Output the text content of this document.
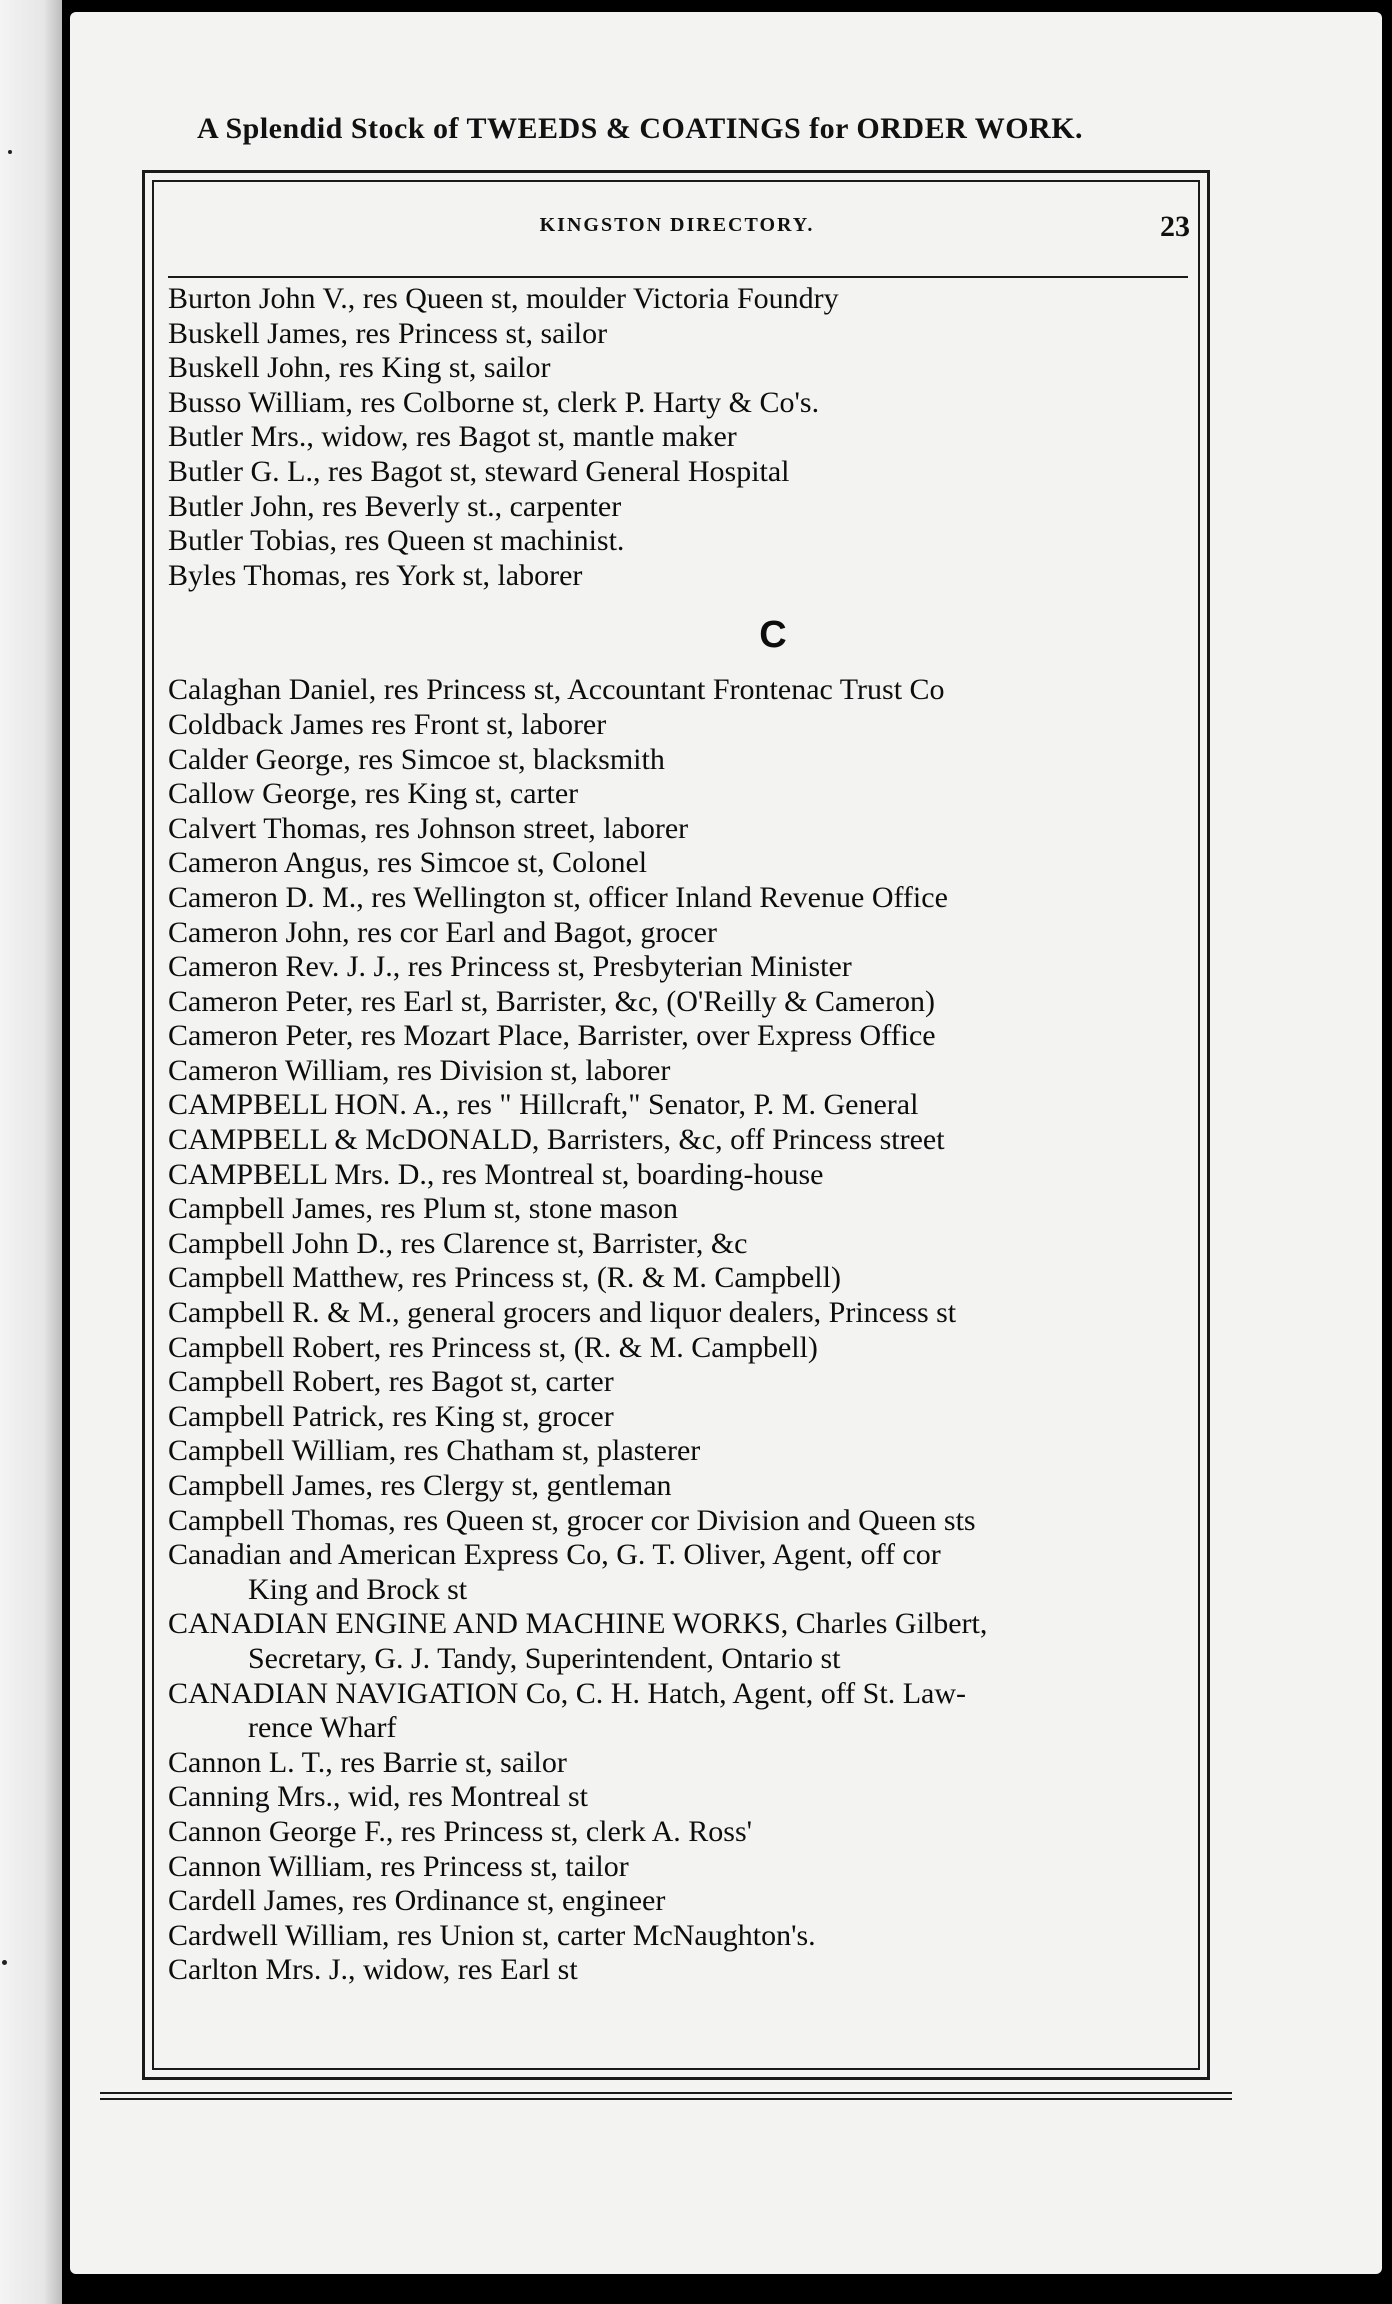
A Splendid Stock of TWEEDS & COATINGS for ORDER WORK.
KINGSTON DIRECTORY.	23
Burton John V., res Queen st, moulder Victoria Foundry
Buskell James, res Princess st, sailor
Buskell John, res King st, sailor
Busso William, res Colborne st, clerk P. Harty & Co's.
Butler Mrs., widow, res Bagot st, mantle maker
Butler G. L., res Bagot st, steward General Hospital
Butler John, res Beverly st., carpenter
Butler Tobias, res Queen st machinist.
Byles Thomas, res York st, laborer
C
Calaghan Daniel, res Princess st, Accountant Frontenac Trust Co
Coldback James res Front st, laborer
Calder George, res Simcoe st, blacksmith
Callow George, res King st, carter
Calvert Thomas, res Johnson street, laborer
Cameron Angus, res Simcoe st, Colonel
Cameron D. M., res Wellington st, officer Inland Revenue Office
Cameron John, res cor Earl and Bagot, grocer
Cameron Rev. J. J., res Princess st, Presbyterian Minister
Cameron Peter, res Earl st, Barrister, &c, (O'Reilly & Cameron)
Cameron Peter, res Mozart Place, Barrister, over Express Office
Cameron William, res Division st, laborer
CAMPBELL HON. A., res " Hillcraft," Senator, P. M. General
CAMPBELL & McDONALD, Barristers, &c, off Princess street
CAMPBELL Mrs. D., res Montreal st, boarding-house
Campbell James, res Plum st, stone mason
Campbell John D., res Clarence st, Barrister, &c
Campbell Matthew, res Princess st, (R. & M. Campbell)
Campbell R. & M., general grocers and liquor dealers, Princess st
Campbell Robert, res Princess st, (R. & M. Campbell)
Campbell Robert, res Bagot st, carter
Campbell Patrick, res King st, grocer
Campbell William, res Chatham st, plasterer
Campbell James, res Clergy st, gentleman
Campbell Thomas, res Queen st, grocer cor Division and Queen sts
Canadian and American Express Co, G. T. Oliver, Agent, off cor
King and Brock st
CANADIAN ENGINE AND MACHINE WORKS, Charles Gilbert,
Secretary, G. J. Tandy, Superintendent, Ontario st
CANADIAN NAVIGATION Co, C. H. Hatch, Agent, off St. Law-
rence Wharf
Cannon L. T., res Barrie st, sailor
Canning Mrs., wid, res Montreal st
Cannon George F., res Princess st, clerk A. Ross'
Cannon William, res Princess st, tailor
Cardell James, res Ordinance st, engineer
Cardwell William, res Union st, carter McNaughton's.
Carlton Mrs. J., widow, res Earl st
